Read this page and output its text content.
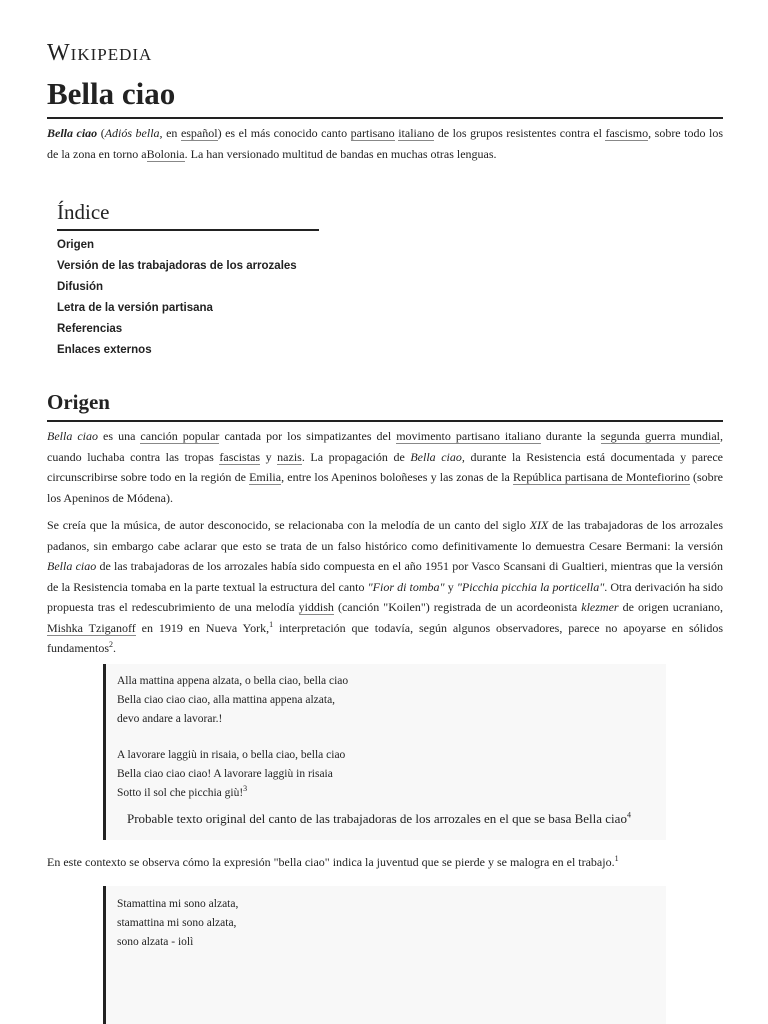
Wikipedia
Bella ciao

Bella ciao (Adiós bella, en español) es el más conocido canto partisano italiano de los grupos resistentes contra el fascismo, sobre todo los de la zona en torno aBolonia. La han versionado multitud de bandas en muchas otras lenguas.

Índice
Origen
Versión de las trabajadoras de los arrozales
Difusión
Letra de la versión partisana
Referencias
Enlaces externos
Origen

Bella ciao es una canción popular cantada por los simpatizantes del movimento partisano italiano durante la segunda guerra mundial, cuando luchaba contra las tropas fascistas y nazis. La propagación de Bella ciao, durante la Resistencia está documentada y parece circunscribirse sobre todo en la región de Emilia, entre los Apeninos boloñeses y las zonas de la República partisana de Montefiorino (sobre los Apeninos de Módena).

Se creía que la música, de autor desconocido, se relacionaba con la melodía de un canto del siglo XIX de las trabajadoras de los arrozales padanos, sin embargo cabe aclarar que esto se trata de un falso histórico como definitivamente lo demuestra Cesare Bermani: la versión Bella ciao de las trabajadoras de los arrozales había sido compuesta en el año 1951 por Vasco Scansani di Gualtieri, mientras que la versión de la Resistencia tomaba en la parte textual la estructura del canto "Fior di tomba" y "Picchia picchia la porticella". Otra derivación ha sido propuesta tras el redescubrimiento de una melodía yiddish (canción "Koilen") registrada de un acordeonista klezmer de origen ucraniano, Mishka Tziganoff en 1919 en Nueva York,$^1$ interpretación que todavía, según algunos observadores, parece no apoyarse en sólidos fundamentos$^2$.

Alla mattina appena alzata, o bella ciao, bella ciao
Bella ciao ciao ciao, alla mattina appena alzata,
devo andare a lavorar.!
A lavorare laggiù in risaia, o bella ciao, bella ciao
Bella ciao ciao ciao! A lavorare laggiù in risaia
Sotto il sol che picchia giù!$^3$
Probable texto original del canto de las trabajadoras de los arrozales en el que se basa Bella ciao$^4$

En este contexto se observa cómo la expresión "bella ciao" indica la juventud que se pierde y se malogra en el trabajo.$^1$

Stamattina mi sono alzata,
stamattina mi sono alzata,
sono alzata - iolì
